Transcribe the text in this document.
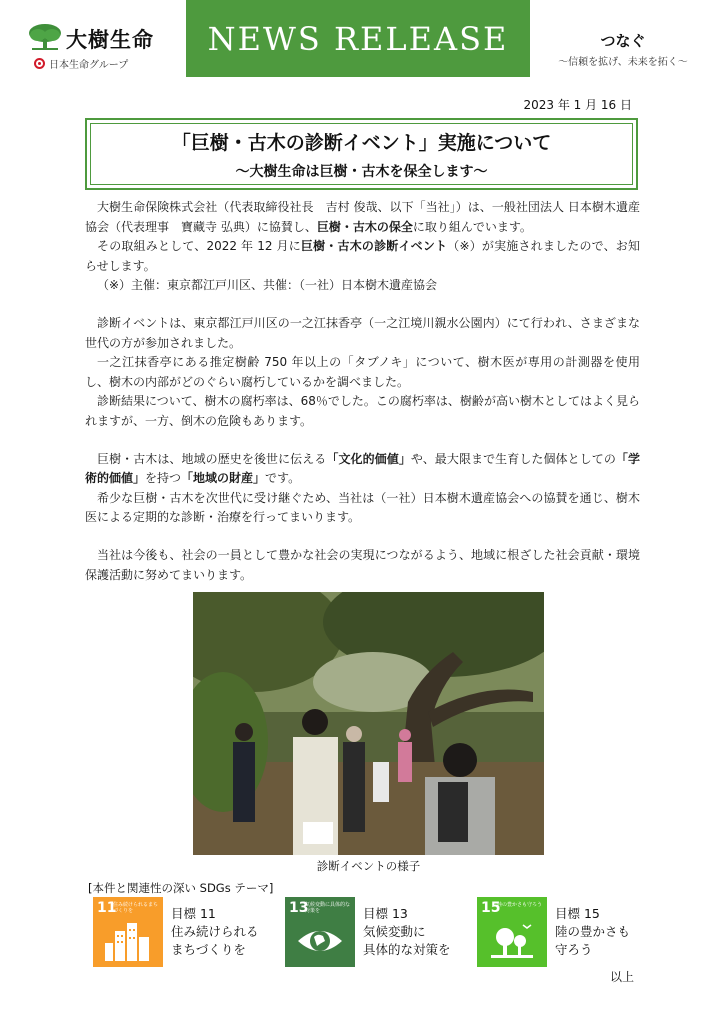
大樹生命
日本生命グループ
NEWS RELEASE	つなぐ
～信頼を拡げ、未来を拓く～
2023 年 1 月 16 日
「巨樹・古木の診断イベント」実施について
～大樹生命は巨樹・古木を保全します～

大樹生命保険株式会社（代表取締役社長　吉村 俊哉、以下「当社」）は、一般社団法人 日本樹木遺産協会（代表理事　寶藏寺 弘典）に協賛し、巨樹・古木の保全に取り組んでいます。

その取組みとして、2022 年 12 月に巨樹・古木の診断イベント（※）が実施されましたので、お知らせします。

（※）主催：東京都江戸川区、共催：（一社）日本樹木遺産協会

診断イベントは、東京都江戸川区の一之江抹香亭（一之江境川親水公園内）にて行われ、さまざまな世代の方が参加されました。

一之江抹香亭にある推定樹齢 750 年以上の「タブノキ」について、樹木医が専用の計測器を使用し、樹木の内部がどのぐらい腐朽しているかを調べました。

診断結果について、樹木の腐朽率は、68％でした。この腐朽率は、樹齢が高い樹木としてはよく見られますが、一方、倒木の危険もあります。

巨樹・古木は、地域の歴史を後世に伝える「文化的価値」や、最大限まで生育した個体としての「学術的価値」を持つ「地域の財産」です。

希少な巨樹・古木を次世代に受け継ぐため、当社は（一社）日本樹木遺産協会への協賛を通じ、樹木医による定期的な診断・治療を行ってまいります。

当社は今後も、社会の一員として豊かな社会の実現につながるよう、地域に根ざした社会貢献・環境保護活動に努めてまいります。

診断イベントの様子
[本件と関連性の深い SDGs テーマ]
11
住み続けられるまちづくりを	目標 11
住み続けられる
まちづくりを
13
気候変動に具体的な対策を	目標 13
気候変動に
具体的な対策を
15
陸の豊かさも守ろう
目標 15
陸の豊かさも
守ろう
以上
